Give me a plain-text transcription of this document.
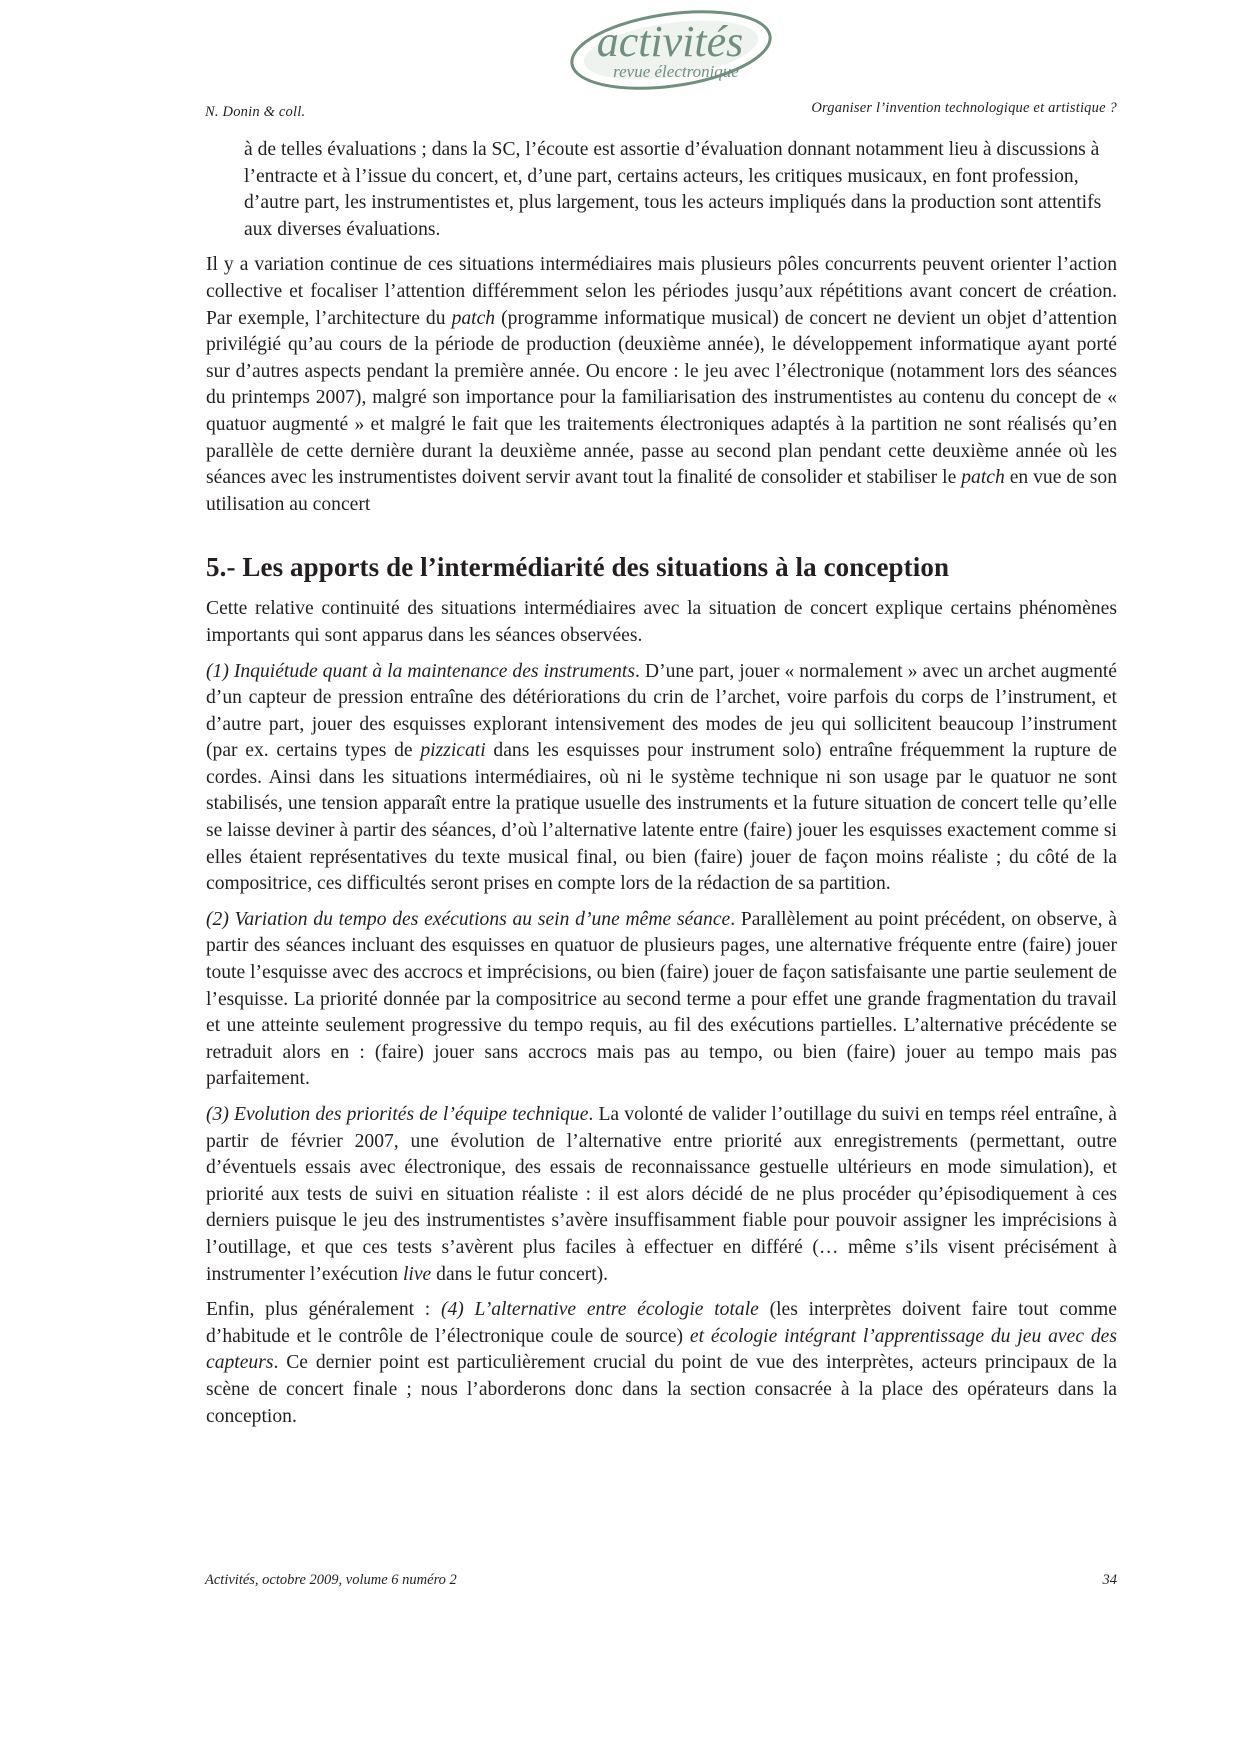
activités
revue électronique
N. Donin & coll.	Organiser l’invention technologique et artistique ?

à de telles évaluations ; dans la SC, l’écoute est assortie d’évaluation donnant notamment lieu à discussions à l’entracte et à l’issue du concert, et, d’une part, certains acteurs, les critiques musicaux, en font profession, d’autre part, les instrumentistes et, plus largement, tous les acteurs impliqués dans la production sont attentifs aux diverses évaluations.

Il y a variation continue de ces situations intermédiaires mais plusieurs pôles concurrents peuvent orienter l’action collective et focaliser l’attention différemment selon les périodes jusqu’aux répétitions avant concert de création. Par exemple, l’architecture du patch (programme informatique musical) de concert ne devient un objet d’attention privilégié qu’au cours de la période de production (deuxième année), le développement informatique ayant porté sur d’autres aspects pendant la première année. Ou encore : le jeu avec l’électronique (notamment lors des séances du printemps 2007), malgré son importance pour la familiarisation des instrumentistes au contenu du concept de « quatuor augmenté » et malgré le fait que les traitements électroniques adaptés à la partition ne sont réalisés qu’en parallèle de cette dernière durant la deuxième année, passe au second plan pendant cette deuxième année où les séances avec les instrumentistes doivent servir avant tout la finalité de consolider et stabiliser le patch en vue de son utilisation au concert

5.- Les apports de l’intermédiarité des situations à la conception

Cette relative continuité des situations intermédiaires avec la situation de concert explique certains phénomènes importants qui sont apparus dans les séances observées.

(1) Inquiétude quant à la maintenance des instruments. D’une part, jouer « normalement » avec un archet augmenté d’un capteur de pression entraîne des détériorations du crin de l’archet, voire parfois du corps de l’instrument, et d’autre part, jouer des esquisses explorant intensivement des modes de jeu qui sollicitent beaucoup l’instrument (par ex. certains types de pizzicati dans les esquisses pour instrument solo) entraîne fréquemment la rupture de cordes. Ainsi dans les situations intermédiaires, où ni le système technique ni son usage par le quatuor ne sont stabilisés, une tension apparaît entre la pratique usuelle des instruments et la future situation de concert telle qu’elle se laisse deviner à partir des séances, d’où l’alternative latente entre (faire) jouer les esquisses exactement comme si elles étaient représentatives du texte musical final, ou bien (faire) jouer de façon moins réaliste ; du côté de la compositrice, ces difficultés seront prises en compte lors de la rédaction de sa partition.

(2) Variation du tempo des exécutions au sein d’une même séance. Parallèlement au point précédent, on observe, à partir des séances incluant des esquisses en quatuor de plusieurs pages, une alternative fréquente entre (faire) jouer toute l’esquisse avec des accrocs et imprécisions, ou bien (faire) jouer de façon satisfaisante une partie seulement de l’esquisse. La priorité donnée par la compositrice au second terme a pour effet une grande fragmentation du travail et une atteinte seulement progressive du tempo requis, au fil des exécutions partielles. L’alternative précédente se retraduit alors en : (faire) jouer sans accrocs mais pas au tempo, ou bien (faire) jouer au tempo mais pas parfaitement.

(3) Evolution des priorités de l’équipe technique. La volonté de valider l’outillage du suivi en temps réel entraîne, à partir de février 2007, une évolution de l’alternative entre priorité aux enregistrements (permettant, outre d’éventuels essais avec électronique, des essais de reconnaissance gestuelle ultérieurs en mode simulation), et priorité aux tests de suivi en situation réaliste : il est alors décidé de ne plus procéder qu’épisodiquement à ces derniers puisque le jeu des instrumentistes s’avère insuffisamment fiable pour pouvoir assigner les imprécisions à l’outillage, et que ces tests s’avèrent plus faciles à effectuer en différé (… même s’ils visent précisément à instrumenter l’exécution live dans le futur concert).

Enfin, plus généralement : (4) L’alternative entre écologie totale (les interprètes doivent faire tout comme d’habitude et le contrôle de l’électronique coule de source) et écologie intégrant l’apprentissage du jeu avec des capteurs. Ce dernier point est particulièrement crucial du point de vue des interprètes, acteurs principaux de la scène de concert finale ; nous l’aborderons donc dans la section consacrée à la place des opérateurs dans la conception.

Activités, octobre 2009, volume 6 numéro 2	34
